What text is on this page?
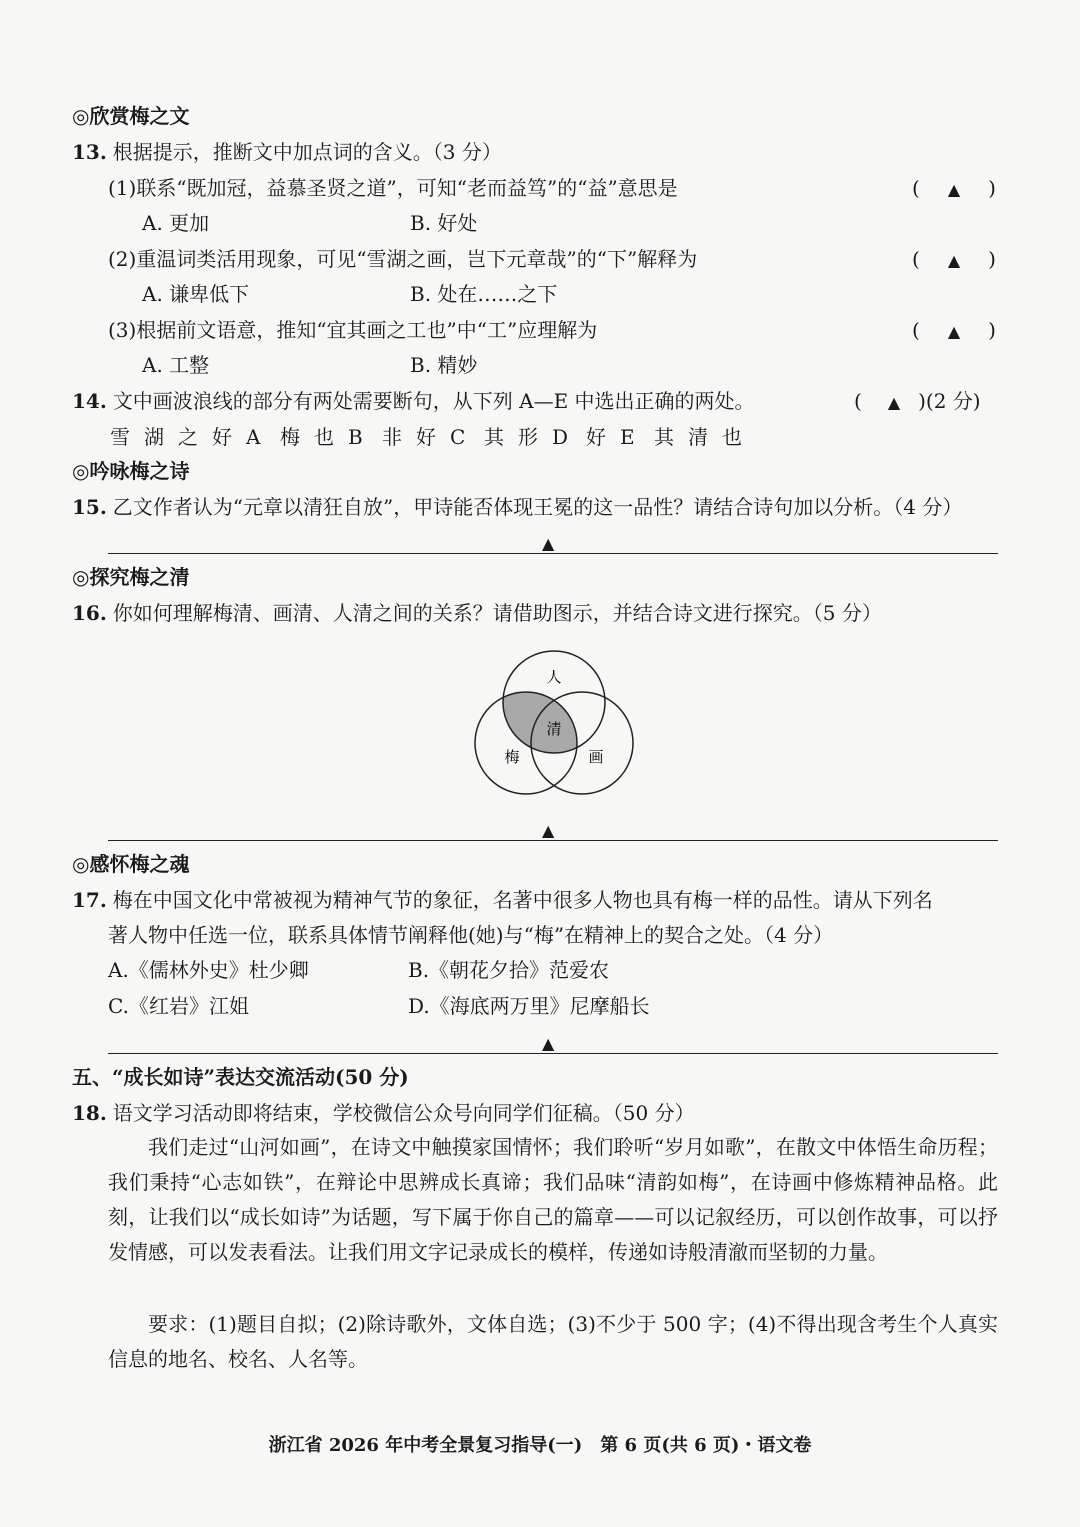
◎欣赏梅之文
13. 根据提示，推断文中加点词的含义。（3 分）
(1)联系“既加冠，益慕圣贤之道”，可知“老而益笃”的“益”意思是	( ▲ )
A. 更加	B. 好处
(2)重温词类活用现象，可见“雪湖之画，岂下元章哉”的“下”解释为	( ▲ )
A. 谦卑低下	B. 处在……之下
(3)根据前文语意，推知“宜其画之工也”中“工”应理解为	( ▲ )
A. 工整	B. 精妙
14. 文中画波浪线的部分有两处需要断句，从下列 A—E 中选出正确的两处。	( ▲ )(2 分)
雪 湖 之 好 A 梅 也 B 非 好 C 其 形 D 好 E 其 清 也
◎吟咏梅之诗
15. 乙文作者认为“元章以清狂自放”，甲诗能否体现王冕的这一品性？请结合诗句加以分析。（4 分）
▲
◎探究梅之清
16. 你如何理解梅清、画清、人清之间的关系？请借助图示，并结合诗文进行探究。（5 分）
人
梅	画
清
▲
◎感怀梅之魂
17. 梅在中国文化中常被视为精神气节的象征，名著中很多人物也具有梅一样的品性。请从下列名
著人物中任选一位，联系具体情节阐释他(她)与“梅”在精神上的契合之处。（4 分）
A.《儒林外史》杜少卿	B.《朝花夕拾》范爱农
C.《红岩》江姐	D.《海底两万里》尼摩船长
▲
五、“成长如诗”表达交流活动(50 分)
18. 语文学习活动即将结束，学校微信公众号向同学们征稿。（50 分）
我们走过“山河如画”，在诗文中触摸家国情怀；我们聆听“岁月如歌”，在散文中体悟生命历程；我们秉持“心志如铁”，在辩论中思辨成长真谛；我们品味“清韵如梅”，在诗画中修炼精神品格。此刻，让我们以“成长如诗”为话题，写下属于你自己的篇章——可以记叙经历，可以创作故事，可以抒发情感，可以发表看法。让我们用文字记录成长的模样，传递如诗般清澈而坚韧的力量。
要求：(1)题目自拟；(2)除诗歌外，文体自选；(3)不少于 500 字；(4)不得出现含考生个人真实信息的地名、校名、人名等。
浙江省 2026 年中考全景复习指导(一)　第 6 页(共 6 页)・语文卷
